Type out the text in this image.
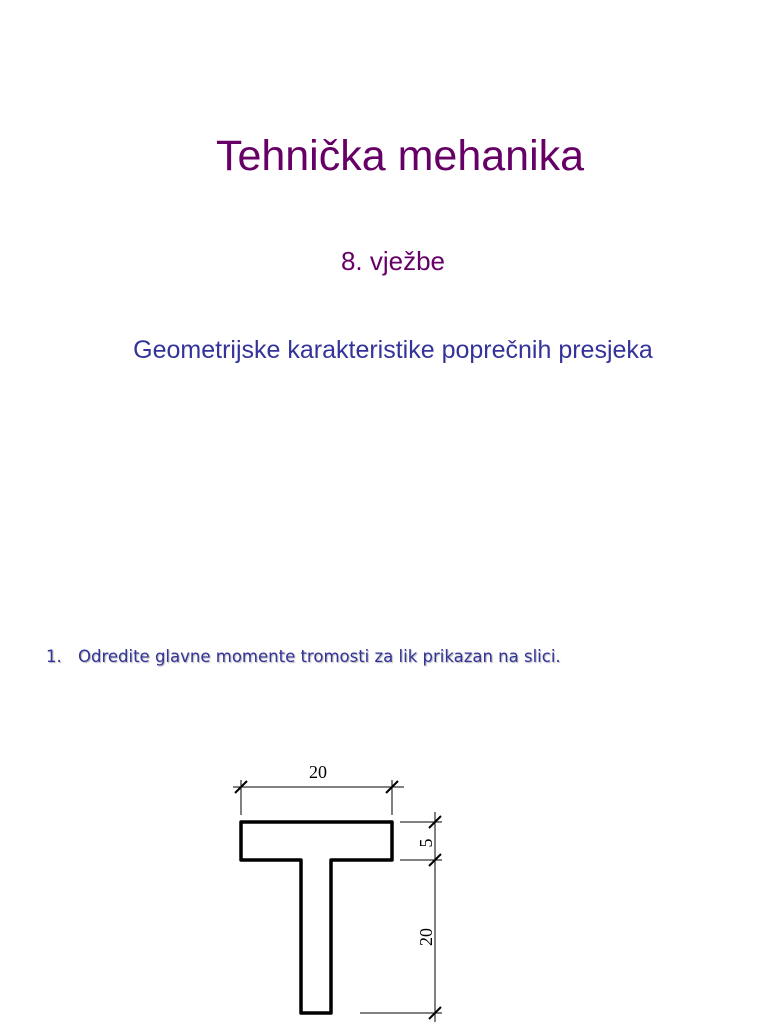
Tehnička mehanika

8. vježbe

Geometrijske karakteristike poprečnih presjeka

1. Odredite glavne momente tromosti za lik prikazan na slici.

20
5
20
